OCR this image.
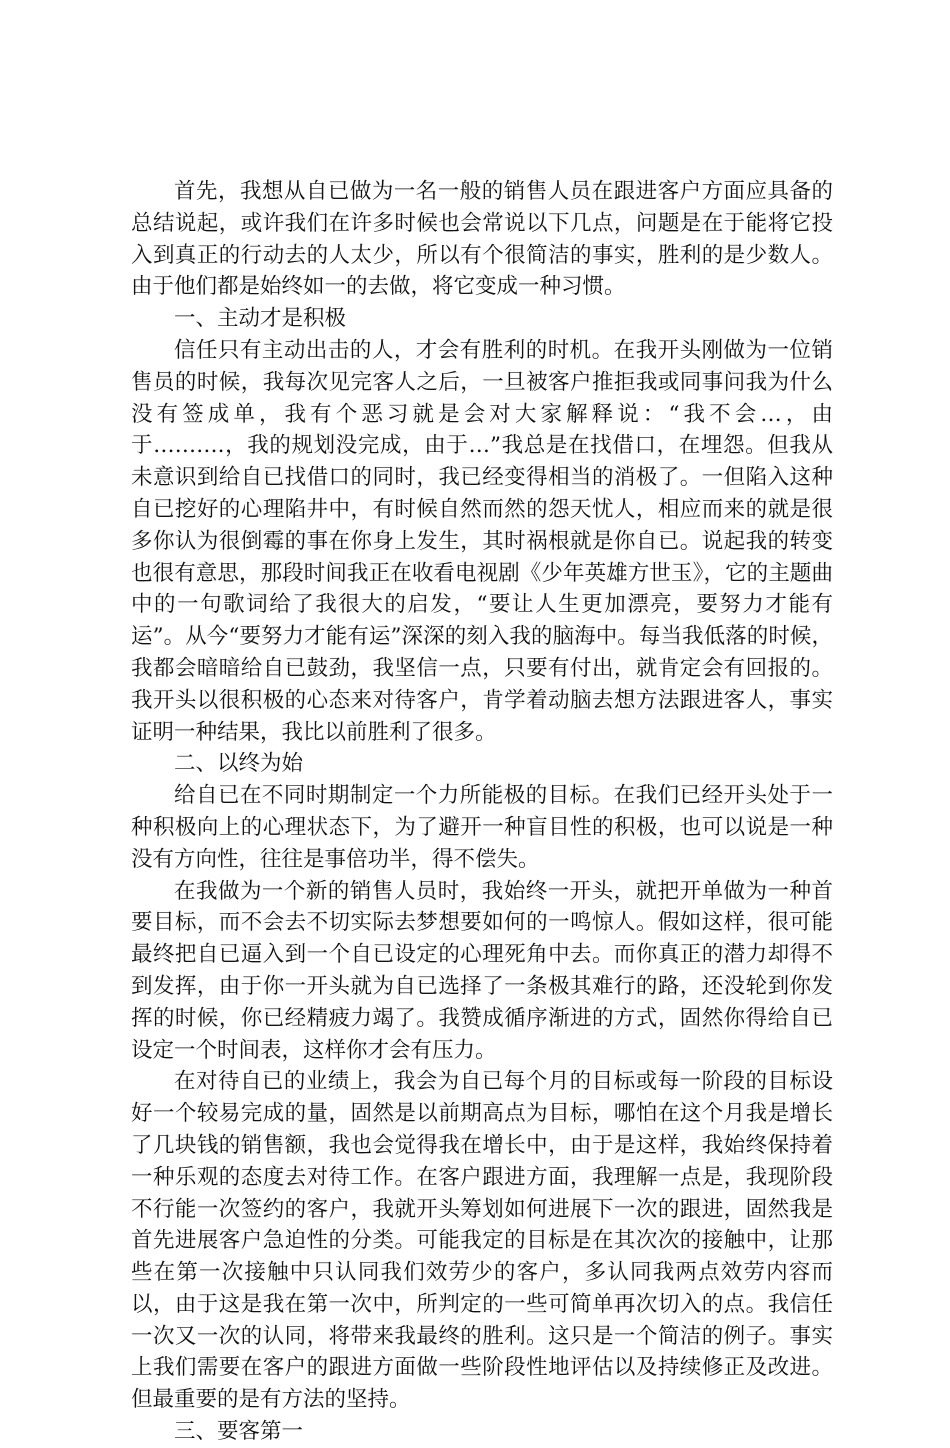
首先，我想从自已做为一名一般的销售人员在跟进客户方面应具备的总结说起，或许我们在许多时候也会常说以下几点，问题是在于能将它投入到真正的行动去的人太少，所以有个很简洁的事实，胜利的是少数人。由于他们都是始终如一的去做，将它变成一种习惯。

一、主动才是积极

信任只有主动出击的人，才会有胜利的时机。在我开头刚做为一位销售员的时候，我每次见完客人之后，一旦被客户推拒我或同事问我为什么没有签成单，我有个恶习就是会对大家解释说：“我不会…，由于……….，我的规划没完成，由于…”我总是在找借口，在埋怨。但我从未意识到给自已找借口的同时，我已经变得相当的消极了。一但陷入这种自已挖好的心理陷井中，有时候自然而然的怨天忧人，相应而来的就是很多你认为很倒霉的事在你身上发生，其时祸根就是你自已。说起我的转变也很有意思，那段时间我正在收看电视剧《少年英雄方世玉》，它的主题曲中的一句歌词给了我很大的启发，“要让人生更加漂亮，要努力才能有运”。从今“要努力才能有运”深深的刻入我的脑海中。每当我低落的时候，我都会暗暗给自已鼓劲，我坚信一点，只要有付出，就肯定会有回报的。我开头以很积极的心态来对待客户，肯学着动脑去想方法跟进客人，事实证明一种结果，我比以前胜利了很多。

二、以终为始

给自已在不同时期制定一个力所能极的目标。在我们已经开头处于一种积极向上的心理状态下，为了避开一种盲目性的积极，也可以说是一种没有方向性，往往是事倍功半，得不偿失。

在我做为一个新的销售人员时，我始终一开头，就把开单做为一种首要目标，而不会去不切实际去梦想要如何的一鸣惊人。假如这样，很可能最终把自已逼入到一个自已设定的心理死角中去。而你真正的潜力却得不到发挥，由于你一开头就为自已选择了一条极其难行的路，还没轮到你发挥的时候，你已经精疲力竭了。我赞成循序渐进的方式，固然你得给自已设定一个时间表，这样你才会有压力。

在对待自已的业绩上，我会为自已每个月的目标或每一阶段的目标设好一个较易完成的量，固然是以前期高点为目标，哪怕在这个月我是增长了几块钱的销售额，我也会觉得我在增长中，由于是这样，我始终保持着一种乐观的态度去对待工作。在客户跟进方面，我理解一点是，我现阶段不行能一次签约的客户，我就开头筹划如何进展下一次的跟进，固然我是首先进展客户急迫性的分类。可能我定的目标是在其次次的接触中，让那些在第一次接触中只认同我们效劳少的客户，多认同我两点效劳内容而以，由于这是我在第一次中，所判定的一些可简单再次切入的点。我信任一次又一次的认同，将带来我最终的胜利。这只是一个简洁的例子。事实上我们需要在客户的跟进方面做一些阶段性地评估以及持续修正及改进。但最重要的是有方法的坚持。

三、要客第一
